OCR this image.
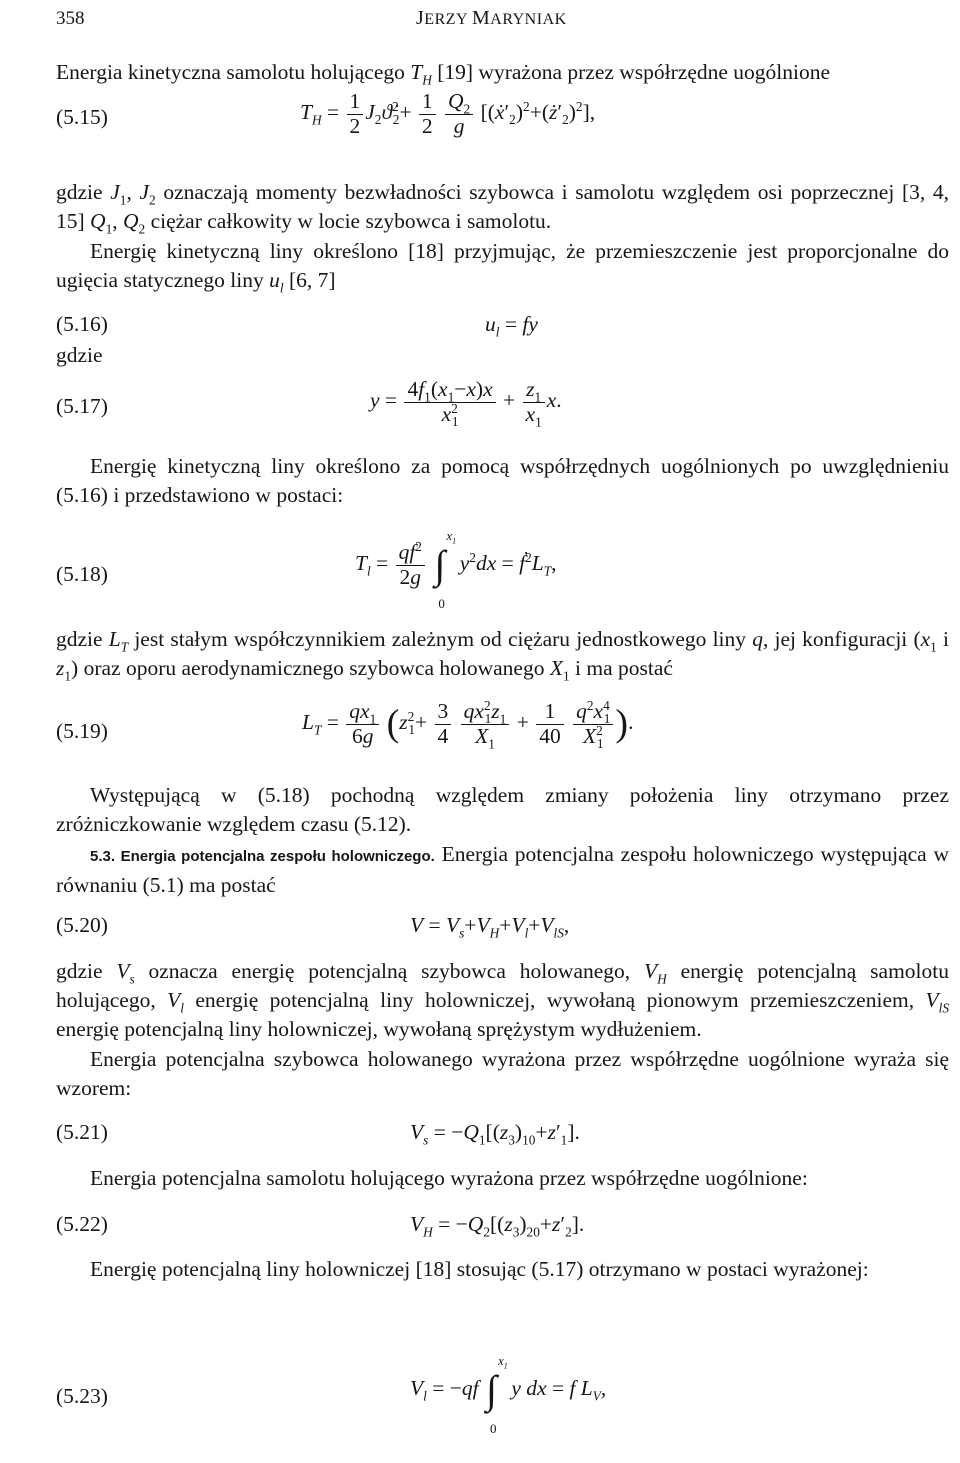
358	JERZY MARYNIAK
Energia kinetyczna samolotu holującego $T_H$ [19] wyrażona przez współrzędne uogólnione
(5.15)	$T_H = \frac{1}{2}$ $J_2ϑ̇^2_2+ \frac{1}{2}$
$\frac{Q_2}{g}$ $[(ẋ'_2)^2+(ż'_2)^2]$,
gdzie $J_1$, $J_2$ oznaczają momenty bezwładności szybowca i samolotu względem osi poprzecznej [3, 4, 15] $Q_1$, $Q_2$ ciężar całkowity w locie szybowca i samolotu.
Energię kinetyczną liny określono [18] przyjmując, że przemieszczenie jest proporcjonalne do ugięcia statycznego liny $u_l$ [6, 7]
(5.16)	$u_l$ = fy
gdzie
(5.17)	$y = \frac{4f_1(x_1-x)x}{x^2_1} + \frac{z_1}{x_1} x$.
Energię kinetyczną liny określono za pomocą współrzędnych uogólnionych po uwzględnieniu (5.16) i przedstawiono w postaci:
(5.18)	$T_l = \frac{qf^2}{2g}$
∫
$x_1$
0
$y^2dx$ = $ḟ^2L_T$,
gdzie $L_T$ jest stałym współczynnikiem zależnym od ciężaru jednostkowego liny q, jej konfiguracji ($x_1$ i $z_1$) oraz oporu aerodynamicznego szybowca holowanego $X_1$ i ma postać
(5.19)	$L_T = \frac{qx_1}{6g} (z^2_1+ \frac{3}{4}$
$\frac{qx^2_1z_1}{X_1} + \frac{1}{40}$
$\frac{q^2x^4_1}{X^2_1}$ ).
Występującą w (5.18) pochodną względem zmiany położenia liny otrzymano przez zróżniczkowanie względem czasu (5.12).
5.3. Energia potencjalna zespołu holowniczego. Energia potencjalna zespołu holowniczego występująca w równaniu (5.1) ma postać
(5.20)	$V = V_s+V_H+V_l+V_{lS}$,
gdzie $V_s$ oznacza energię potencjalną szybowca holowanego, $V_H$ energię potencjalną samolotu holującego, $V_l$ energię potencjalną liny holowniczej, wywołaną pionowym przemieszczeniem, $V_{lS}$ energię potencjalną liny holowniczej, wywołaną sprężystym wydłużeniem.
Energia potencjalna szybowca holowanego wyrażona przez współrzędne uogólnione wyraża się wzorem:
(5.21)	$V_s = -Q_1[(z_3)_{10}+z'_1]$.
Energia potencjalna samolotu holującego wyrażona przez współrzędne uogólnione:
(5.22)	$V_H = -Q_2[(z_3)_{20}+z'_2]$.
Energię potencjalną liny holowniczej [18] stosując (5.17) otrzymano w postaci wyrażonej:
(5.23)	$V_l = -qf$ ∫
$x_1$
0
y dx = f $L_V$,
